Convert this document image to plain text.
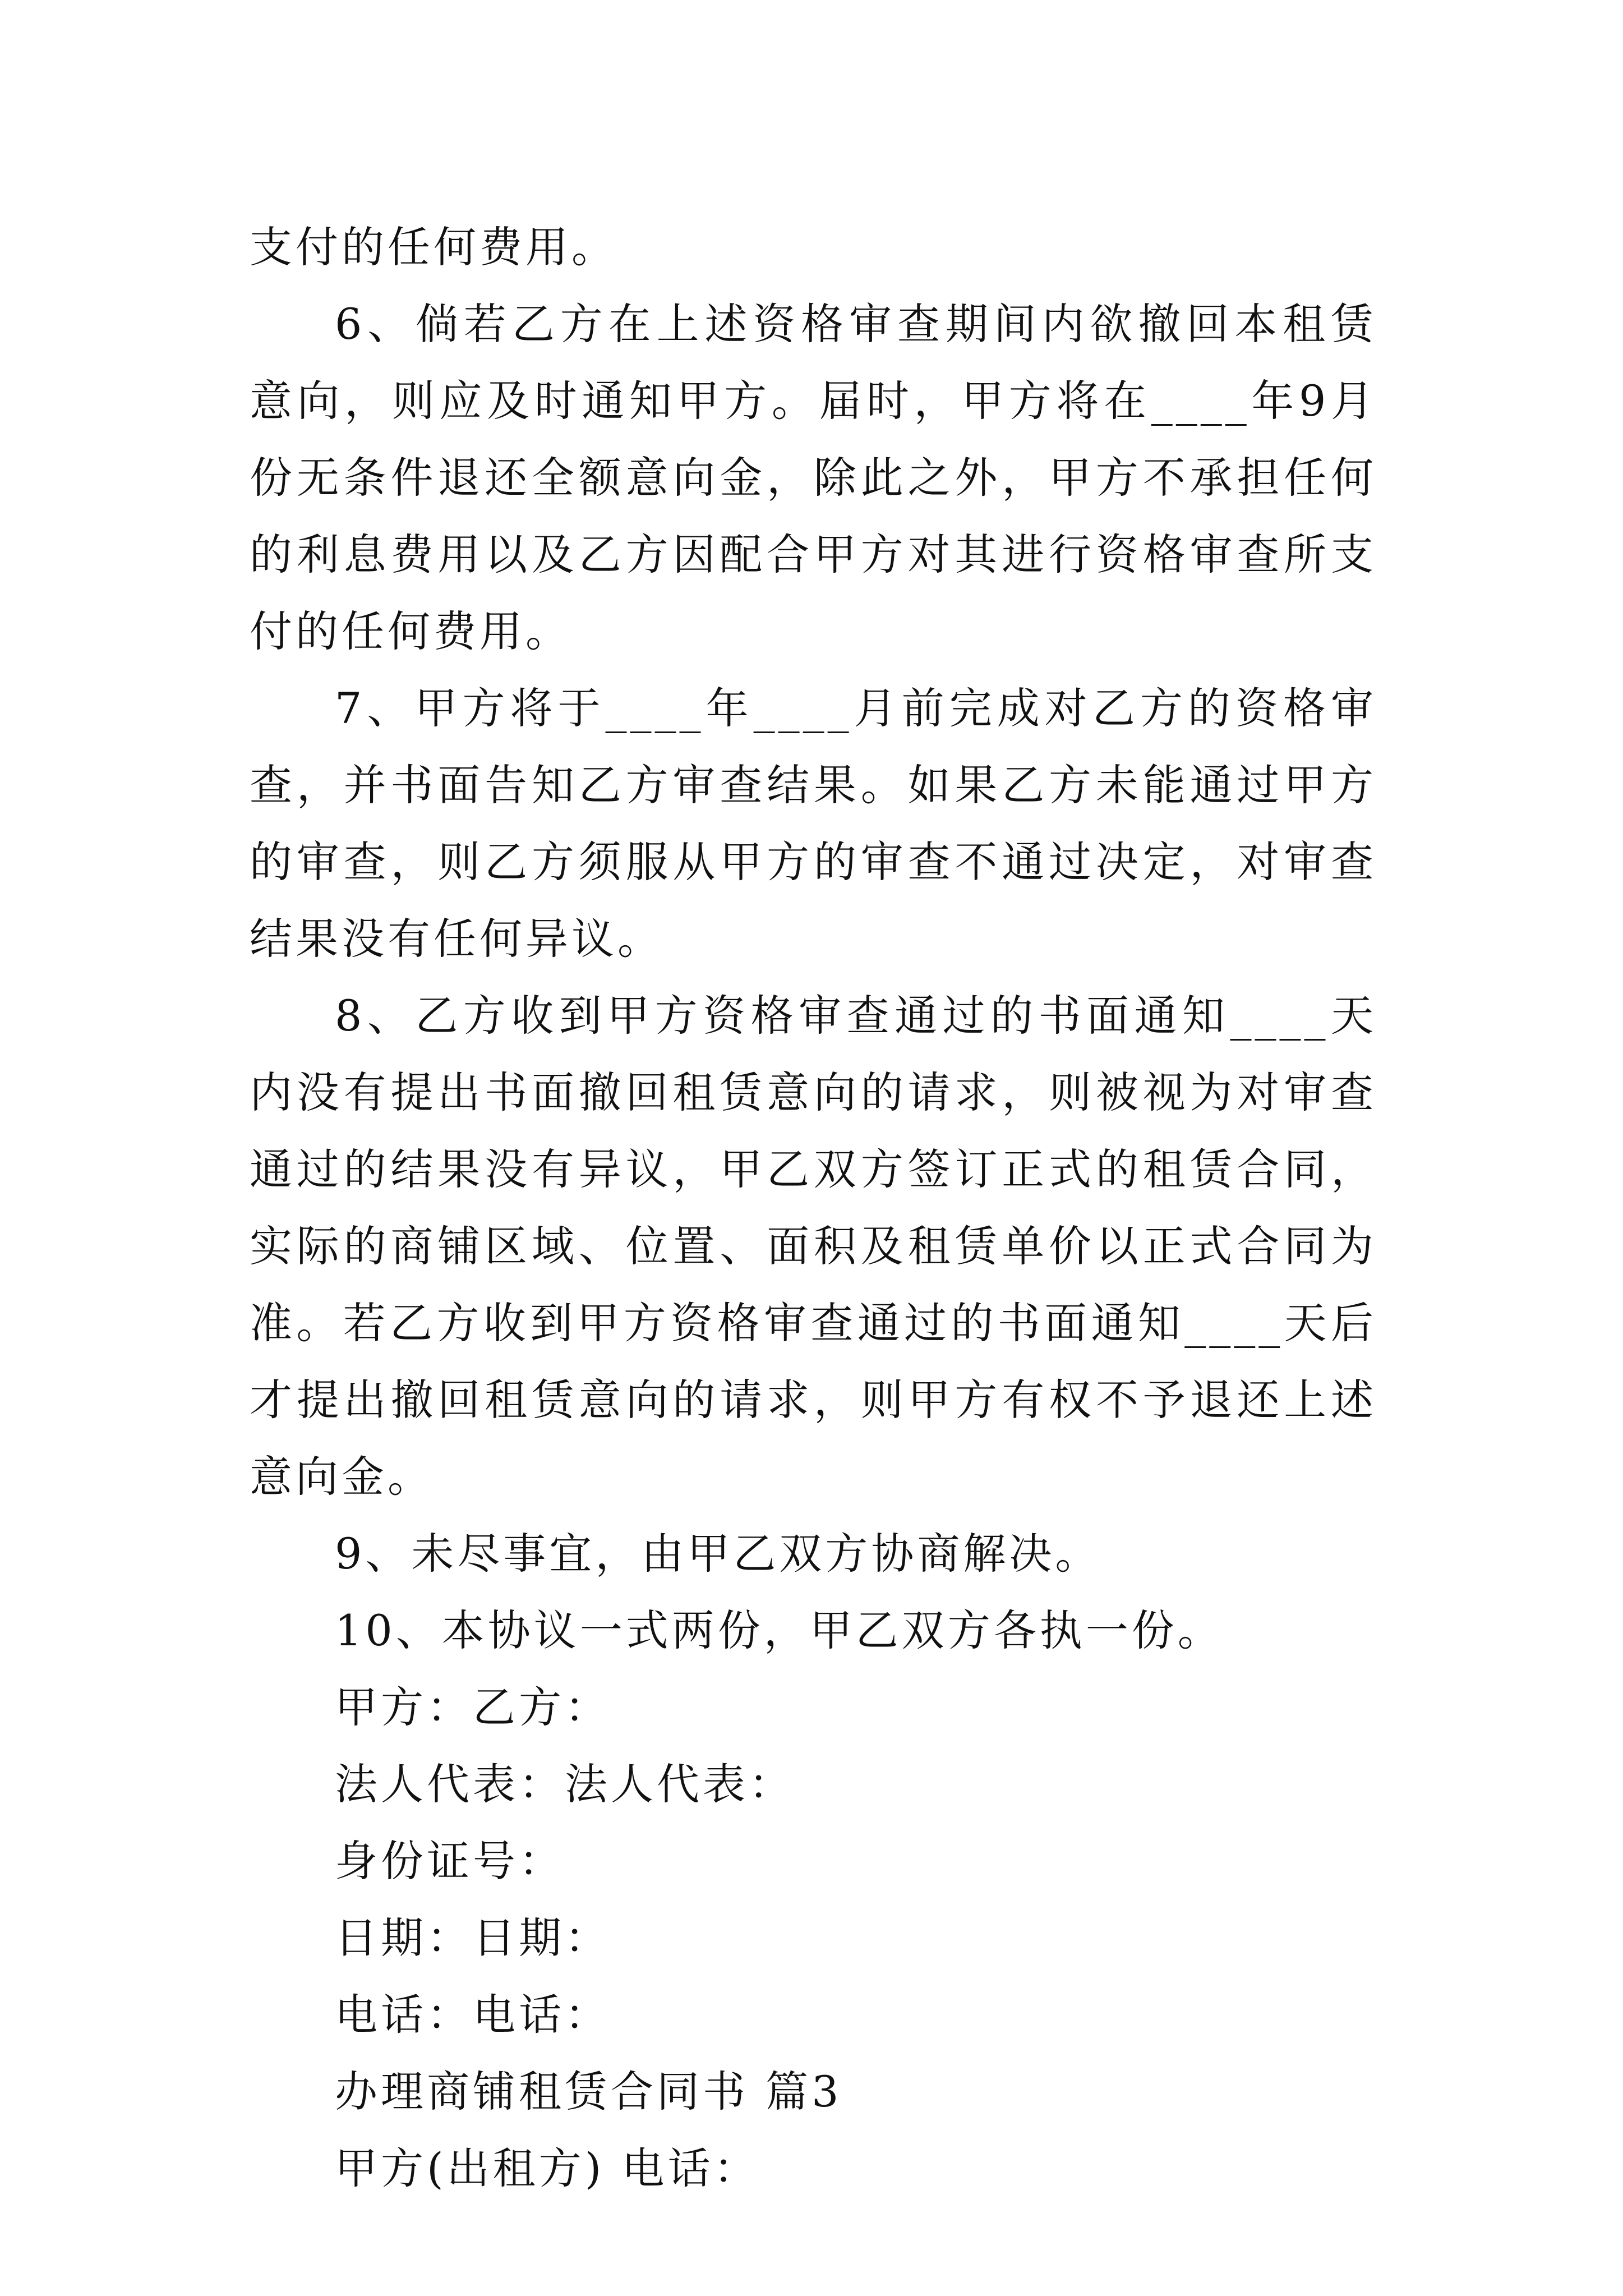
支付的任何费用。

6、倘若乙方在上述资格审查期间内欲撤回本租赁意向，则应及时通知甲方。届时，甲方将在____年9月份无条件退还全额意向金，除此之外，甲方不承担任何的利息费用以及乙方因配合甲方对其进行资格审查所支付的任何费用。

7、甲方将于____年____月前完成对乙方的资格审查，并书面告知乙方审查结果。如果乙方未能通过甲方的审查，则乙方须服从甲方的审查不通过决定，对审查结果没有任何异议。

8、乙方收到甲方资格审查通过的书面通知____天内没有提出书面撤回租赁意向的请求，则被视为对审查通过的结果没有异议，甲乙双方签订正式的租赁合同，实际的商铺区域、位置、面积及租赁单价以正式合同为准。若乙方收到甲方资格审查通过的书面通知____天后才提出撤回租赁意向的请求，则甲方有权不予退还上述意向金。

9、未尽事宜，由甲乙双方协商解决。

10、本协议一式两份，甲乙双方各执一份。

甲方：乙方：

法人代表：法人代表：

身份证号：

日期：日期：

电话：电话：

办理商铺租赁合同书 篇3

甲方(出租方) 电话：
